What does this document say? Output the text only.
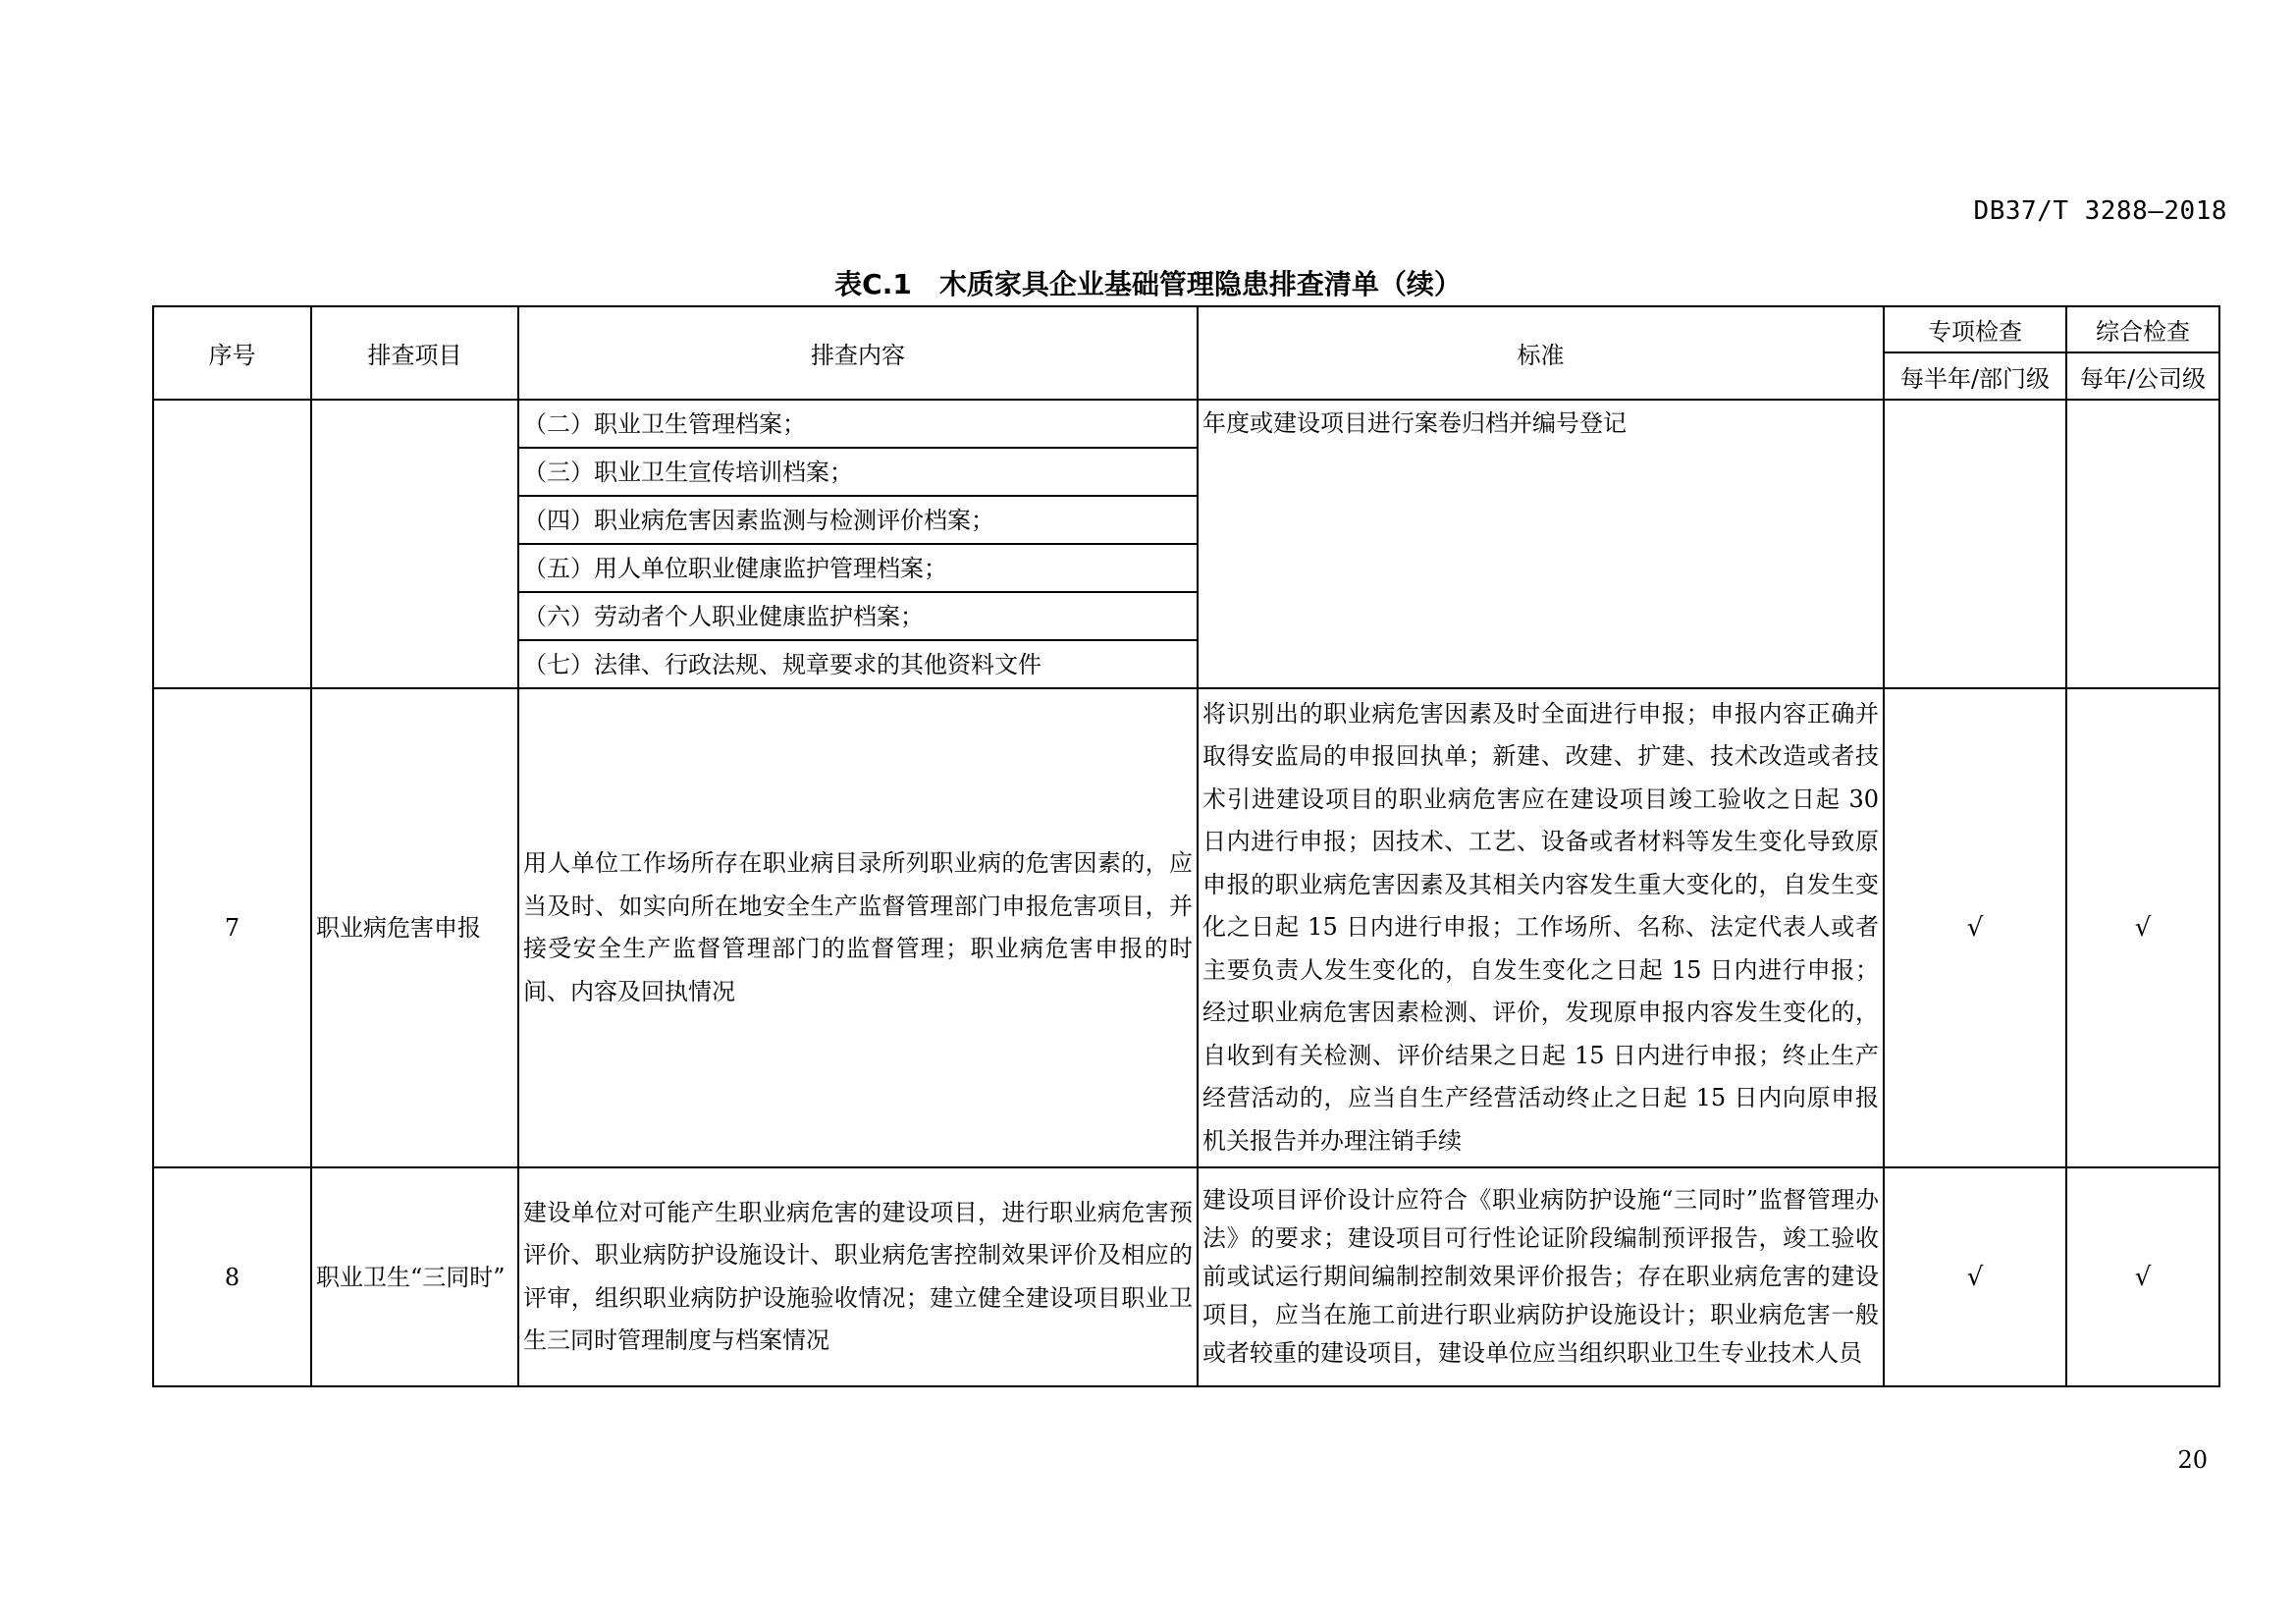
DB37/T 3288—2018
表C.1　木质家具企业基础管理隐患排查清单（续）
序号	排查项目	排查内容	标准	专项检查	综合检查
				每半年/部门级	每年/公司级
		（二）职业卫生管理档案；	年度或建设项目进行案卷归档并编号登记		
		（三）职业卫生宣传培训档案；			
		（四）职业病危害因素监测与检测评价档案；			
		（五）用人单位职业健康监护管理档案；			
		（六）劳动者个人职业健康监护档案；			
		（七）法律、行政法规、规章要求的其他资料文件			
7	职业病危害申报	用人单位工作场所存在职业病目录所列职业病的危害因素的，应当及时、如实向所在地安全生产监督管理部门申报危害项目，并接受安全生产监督管理部门的监督管理；职业病危害申报的时间、内容及回执情况	将识别出的职业病危害因素及时全面进行申报；申报内容正确并取得安监局的申报回执单；新建、改建、扩建、技术改造或者技术引进建设项目的职业病危害应在建设项目竣工验收之日起 30 日内进行申报；因技术、工艺、设备或者材料等发生变化导致原申报的职业病危害因素及其相关内容发生重大变化的，自发生变化之日起 15 日内进行申报；工作场所、名称、法定代表人或者主要负责人发生变化的，自发生变化之日起 15 日内进行申报；经过职业病危害因素检测、评价，发现原申报内容发生变化的，自收到有关检测、评价结果之日起 15 日内进行申报；终止生产经营活动的，应当自生产经营活动终止之日起 15 日内向原申报机关报告并办理注销手续	√	√
8	职业卫生“三同时”	建设单位对可能产生职业病危害的建设项目，进行职业病危害预评价、职业病防护设施设计、职业病危害控制效果评价及相应的评审，组织职业病防护设施验收情况；建立健全建设项目职业卫生三同时管理制度与档案情况	建设项目评价设计应符合《职业病防护设施“三同时”监督管理办法》的要求；建设项目可行性论证阶段编制预评报告，竣工验收前或试运行期间编制控制效果评价报告；存在职业病危害的建设项目，应当在施工前进行职业病防护设施设计；职业病危害一般或者较重的建设项目，建设单位应当组织职业卫生专业技术人员	√	√
20
